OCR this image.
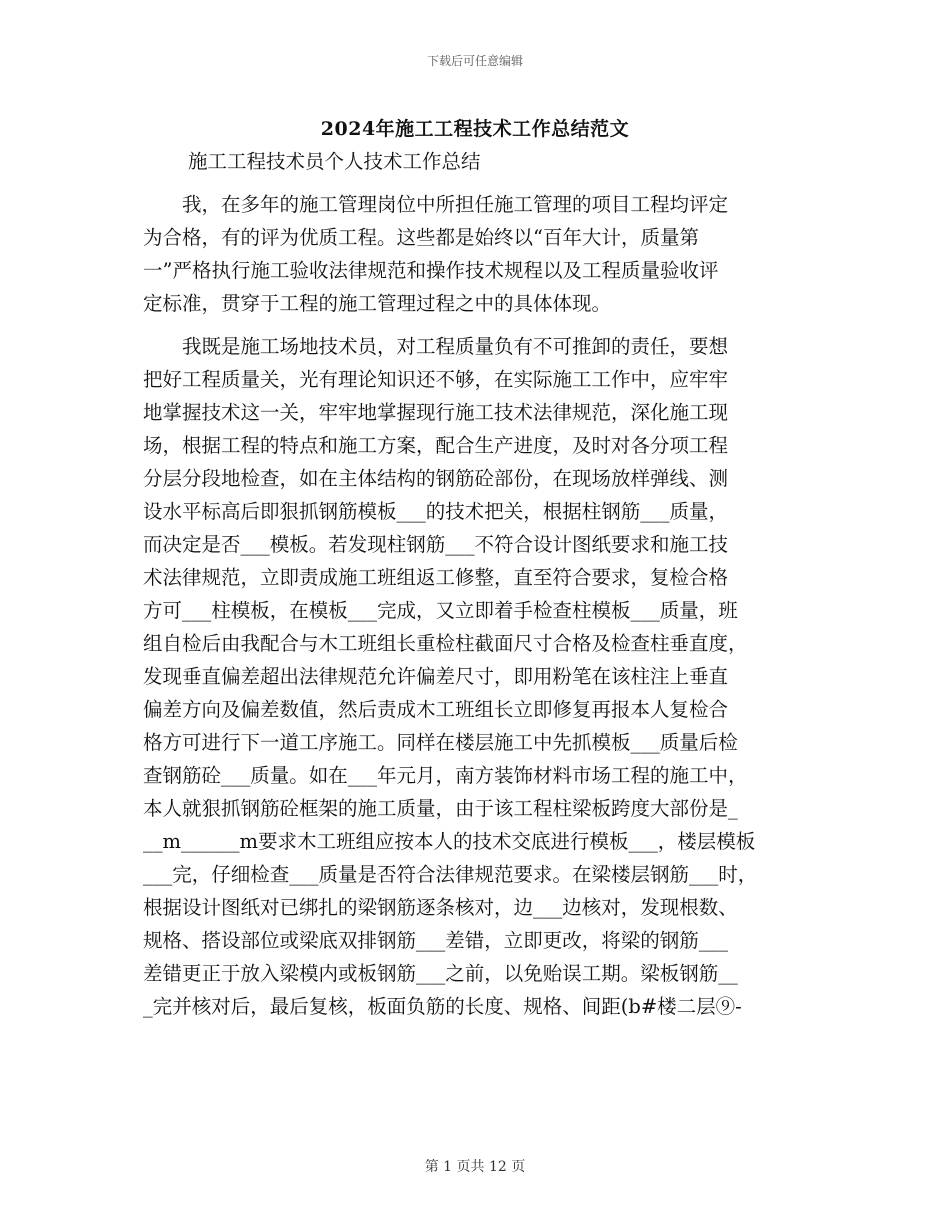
下载后可任意编辑
2024年施工工程技术工作总结范文
施工工程技术员个人技术工作总结
　　我，在多年的施工管理岗位中所担任施工管理的项目工程均评定
为合格，有的评为优质工程。这些都是始终以“百年大计，质量第
一”严格执行施工验收法律规范和操作技术规程以及工程质量验收评
定标准，贯穿于工程的施工管理过程之中的具体体现。
　　我既是施工场地技术员，对工程质量负有不可推卸的责任，要想
把好工程质量关，光有理论知识还不够，在实际施工工作中，应牢牢
地掌握技术这一关，牢牢地掌握现行施工技术法律规范，深化施工现
场，根据工程的特点和施工方案，配合生产进度，及时对各分项工程
分层分段地检查，如在主体结构的钢筋砼部份，在现场放样弹线、测
设水平标高后即狠抓钢筋模板___的技术把关，根据柱钢筋___质量，
而决定是否___模板。若发现柱钢筋___不符合设计图纸要求和施工技
术法律规范，立即责成施工班组返工修整，直至符合要求，复检合格
方可___柱模板，在模板___完成，又立即着手检查柱模板___质量，班
组自检后由我配合与木工班组长重检柱截面尺寸合格及检查柱垂直度，
发现垂直偏差超出法律规范允许偏差尺寸，即用粉笔在该柱注上垂直
偏差方向及偏差数值，然后责成木工班组长立即修复再报本人复检合
格方可进行下一道工序施工。同样在楼层施工中先抓模板___质量后检
查钢筋砼___质量。如在___年元月，南方装饰材料市场工程的施工中，
本人就狠抓钢筋砼框架的施工质量，由于该工程柱梁板跨度大部份是_
__m______m要求木工班组应按本人的技术交底进行模板___，楼层模板
___完，仔细检查___质量是否符合法律规范要求。在梁楼层钢筋___时，
根据设计图纸对已绑扎的梁钢筋逐条核对，边___边核对，发现根数、
规格、搭设部位或梁底双排钢筋___差错，立即更改，将梁的钢筋___
差错更正于放入梁模内或板钢筋___之前，以免贻误工期。梁板钢筋__
_完并核对后，最后复核，板面负筋的长度、规格、间距(b#楼二层⑨-
第 1 页共 12 页
